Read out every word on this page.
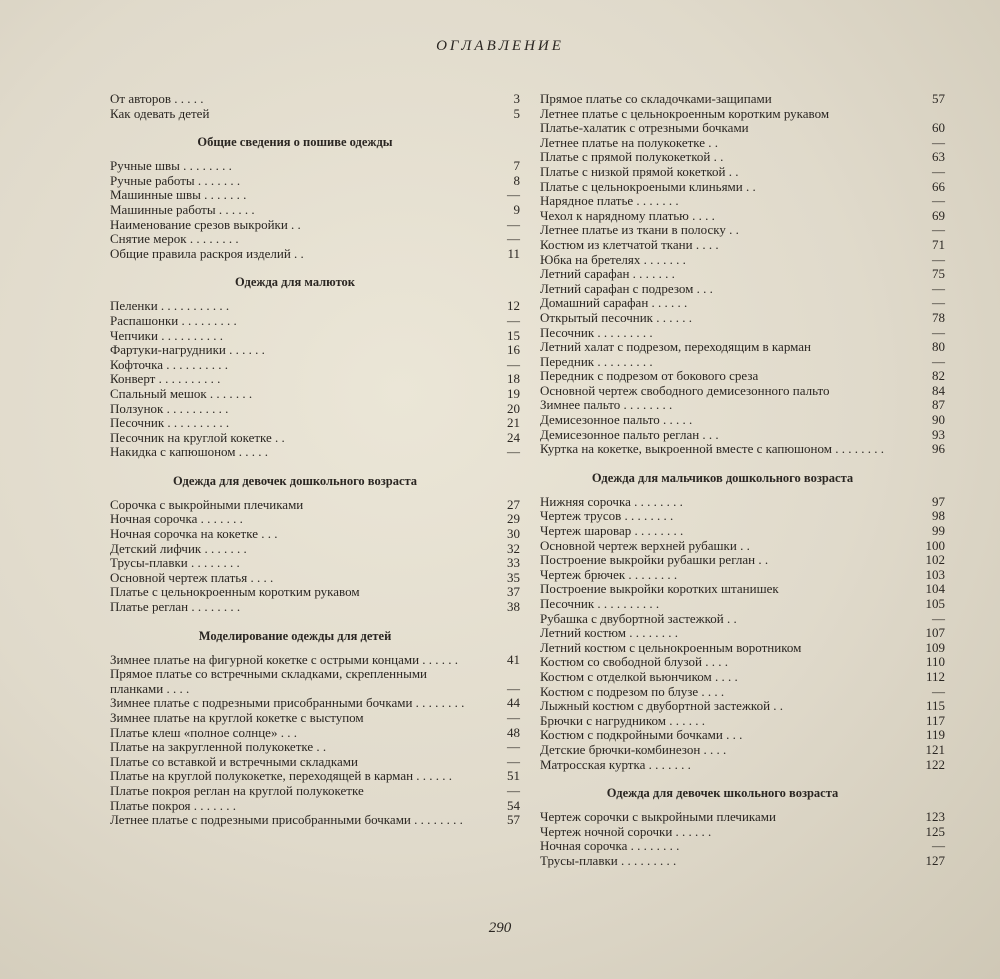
ОГЛАВЛЕНИЕ
От авторов . . . . .	3
Как одевать детей	5
Общие сведения о пошиве одежды
Ручные швы . . . . . . . .	7
Ручные работы . . . . . . .	8
Машинные швы . . . . . . .	—
Машинные работы . . . . . .	9
Наименование срезов выкройки . .	—
Снятие мерок . . . . . . . .	—
Общие правила раскроя изделий . .	11
Одежда для малюток
Пеленки . . . . . . . . . . .	12
Распашонки . . . . . . . . .	—
Чепчики . . . . . . . . . .	15
Фартуки-нагрудники . . . . . .	16
Кофточка . . . . . . . . . .	—
Конверт . . . . . . . . . .	18
Спальный мешок . . . . . . .	19
Ползунок . . . . . . . . . .	20
Песочник . . . . . . . . . .	21
Песочник на круглой кокетке . .	24
Накидка с капюшоном . . . . .	—
Одежда для девочек дошкольного возраста
Сорочка с выкройными плечиками	27
Ночная сорочка . . . . . . .	29
Ночная сорочка на кокетке . . .	30
Детский лифчик . . . . . . .	32
Трусы-плавки . . . . . . . .	33
Основной чертеж платья . . . .	35
Платье с цельнокроенным коротким рукавом	37
Платье реглан . . . . . . . .	38
Моделирование одежды для детей
Зимнее платье на фигурной кокетке с острыми концами . . . . . .	41
Прямое платье со встречными складками, скрепленными планками . . . .	—
Зимнее платье с подрезными присобранными бочками . . . . . . . .	44
Зимнее платье на круглой кокетке с выступом	—
Платье клеш «полное солнце» . . .	48
Платье на закругленной полукокетке . .	—
Платье со вставкой и встречными складками	—
Платье на круглой полукокетке, переходящей в карман . . . . . .	51
Платье покроя реглан на круглой полукокетке	—
Платье покроя . . . . . . .	54
Летнее платье с подрезными присобранными бочками . . . . . . . .	57
Прямое платье со складочками-защипами	57
Летнее платье с цельнокроенным коротким рукавом
Платье-халатик с отрезными бочками	60
Летнее платье на полукокетке . .	—
Платье с прямой полукокеткой . .	63
Платье с низкой прямой кокеткой . .	—
Платье с цельнокроеными клиньями . .	66
Нарядное платье . . . . . . .	—
Чехол к нарядному платью . . . .	69
Летнее платье из ткани в полоску . .	—
Костюм из клетчатой ткани . . . .	71
Юбка на бретелях . . . . . . .	—
Летний сарафан . . . . . . .	75
Летний сарафан с подрезом . . .	—
Домашний сарафан . . . . . .	—
Открытый песочник . . . . . .	78
Песочник . . . . . . . . .	—
Летний халат с подрезом, переходящим в карман	80
Передник . . . . . . . . .	—
Передник с подрезом от бокового среза	82
Основной чертеж свободного демисезонного пальто	84
Зимнее пальто . . . . . . . .	87
Демисезонное пальто . . . . .	90
Демисезонное пальто реглан . . .	93
Куртка на кокетке, выкроенной вместе с капюшоном . . . . . . . .	96
Одежда для мальчиков дошкольного возраста
Нижняя сорочка . . . . . . . .	97
Чертеж трусов . . . . . . . .	98
Чертеж шаровар . . . . . . . .	99
Основной чертеж верхней рубашки . .	100
Построение выкройки рубашки реглан . .	102
Чертеж брючек . . . . . . . .	103
Построение выкройки коротких штанишек	104
Песочник . . . . . . . . . .	105
Рубашка с двубортной застежкой . .	—
Летний костюм . . . . . . . .	107
Летний костюм с цельнокроенным воротником	109
Костюм со свободной блузой . . . .	110
Костюм с отделкой вьюнчиком . . . .	112
Костюм с подрезом по блузе . . . .	—
Лыжный костюм с двубортной застежкой . .	115
Брючки с нагрудником . . . . . .	117
Костюм с подкройными бочками . . .	119
Детские брючки-комбинезон . . . .	121
Матросская куртка . . . . . . .	122
Одежда для девочек школьного возраста
Чертеж сорочки с выкройными плечиками	123
Чертеж ночной сорочки . . . . . .	125
Ночная сорочка . . . . . . . .	—
Трусы-плавки . . . . . . . . .	127
290
